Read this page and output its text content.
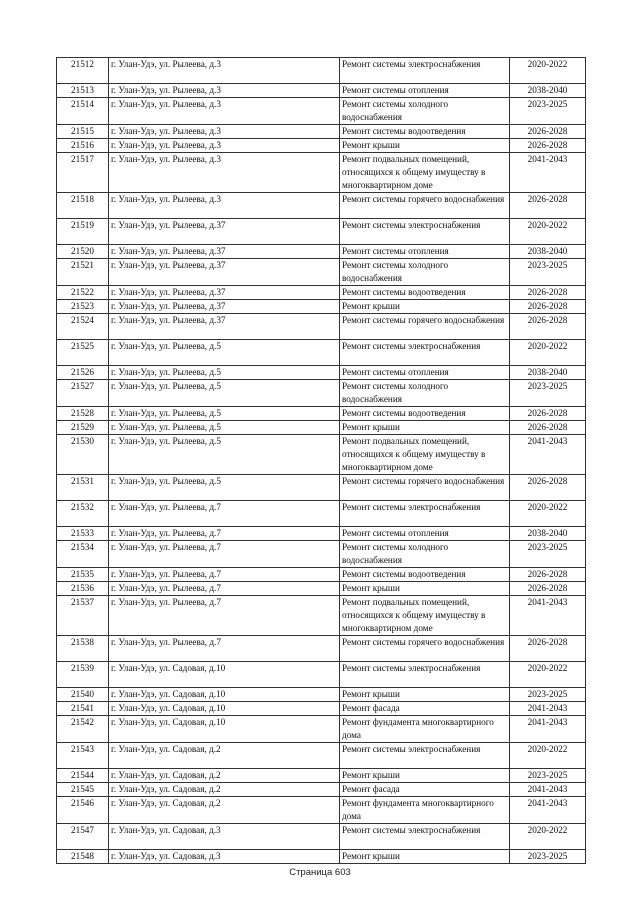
21512	г. Улан-Удэ, ул. Рылеева, д.3	Ремонт системы электроснабжения	2020-2022
21513	г. Улан-Удэ, ул. Рылеева, д.3	Ремонт системы отопления	2038-2040
21514	г. Улан-Удэ, ул. Рылеева, д.3	Ремонт системы холодного водоснабжения	2023-2025
21515	г. Улан-Удэ, ул. Рылеева, д.3	Ремонт системы водоотведения	2026-2028
21516	г. Улан-Удэ, ул. Рылеева, д.3	Ремонт крыши	2026-2028
21517	г. Улан-Удэ, ул. Рылеева, д.3	Ремонт подвальных помещений, относящихся к общему имуществу в многоквартирном доме	2041-2043
21518	г. Улан-Удэ, ул. Рылеева, д.3	Ремонт системы горячего водоснабжения	2026-2028
21519	г. Улан-Удэ, ул. Рылеева, д.37	Ремонт системы электроснабжения	2020-2022
21520	г. Улан-Удэ, ул. Рылеева, д.37	Ремонт системы отопления	2038-2040
21521	г. Улан-Удэ, ул. Рылеева, д.37	Ремонт системы холодного водоснабжения	2023-2025
21522	г. Улан-Удэ, ул. Рылеева, д.37	Ремонт системы водоотведения	2026-2028
21523	г. Улан-Удэ, ул. Рылеева, д.37	Ремонт крыши	2026-2028
21524	г. Улан-Удэ, ул. Рылеева, д.37	Ремонт системы горячего водоснабжения	2026-2028
21525	г. Улан-Удэ, ул. Рылеева, д.5	Ремонт системы электроснабжения	2020-2022
21526	г. Улан-Удэ, ул. Рылеева, д.5	Ремонт системы отопления	2038-2040
21527	г. Улан-Удэ, ул. Рылеева, д.5	Ремонт системы холодного водоснабжения	2023-2025
21528	г. Улан-Удэ, ул. Рылеева, д.5	Ремонт системы водоотведения	2026-2028
21529	г. Улан-Удэ, ул. Рылеева, д.5	Ремонт крыши	2026-2028
21530	г. Улан-Удэ, ул. Рылеева, д.5	Ремонт подвальных помещений, относящихся к общему имуществу в многоквартирном доме	2041-2043
21531	г. Улан-Удэ, ул. Рылеева, д.5	Ремонт системы горячего водоснабжения	2026-2028
21532	г. Улан-Удэ, ул. Рылеева, д.7	Ремонт системы электроснабжения	2020-2022
21533	г. Улан-Удэ, ул. Рылеева, д.7	Ремонт системы отопления	2038-2040
21534	г. Улан-Удэ, ул. Рылеева, д.7	Ремонт системы холодного водоснабжения	2023-2025
21535	г. Улан-Удэ, ул. Рылеева, д.7	Ремонт системы водоотведения	2026-2028
21536	г. Улан-Удэ, ул. Рылеева, д.7	Ремонт крыши	2026-2028
21537	г. Улан-Удэ, ул. Рылеева, д.7	Ремонт подвальных помещений, относящихся к общему имуществу в многоквартирном доме	2041-2043
21538	г. Улан-Удэ, ул. Рылеева, д.7	Ремонт системы горячего водоснабжения	2026-2028
21539	г. Улан-Удэ, ул. Садовая, д.10	Ремонт системы электроснабжения	2020-2022
21540	г. Улан-Удэ, ул. Садовая, д.10	Ремонт крыши	2023-2025
21541	г. Улан-Удэ, ул. Садовая, д.10	Ремонт фасада	2041-2043
21542	г. Улан-Удэ, ул. Садовая, д.10	Ремонт фундамента многоквартирного дома	2041-2043
21543	г. Улан-Удэ, ул. Садовая, д.2	Ремонт системы электроснабжения	2020-2022
21544	г. Улан-Удэ, ул. Садовая, д.2	Ремонт крыши	2023-2025
21545	г. Улан-Удэ, ул. Садовая, д.2	Ремонт фасада	2041-2043
21546	г. Улан-Удэ, ул. Садовая, д.2	Ремонт фундамента многоквартирного дома	2041-2043
21547	г. Улан-Удэ, ул. Садовая, д.3	Ремонт системы электроснабжения	2020-2022
21548	г. Улан-Удэ, ул. Садовая, д.3	Ремонт крыши	2023-2025
Страница 603
